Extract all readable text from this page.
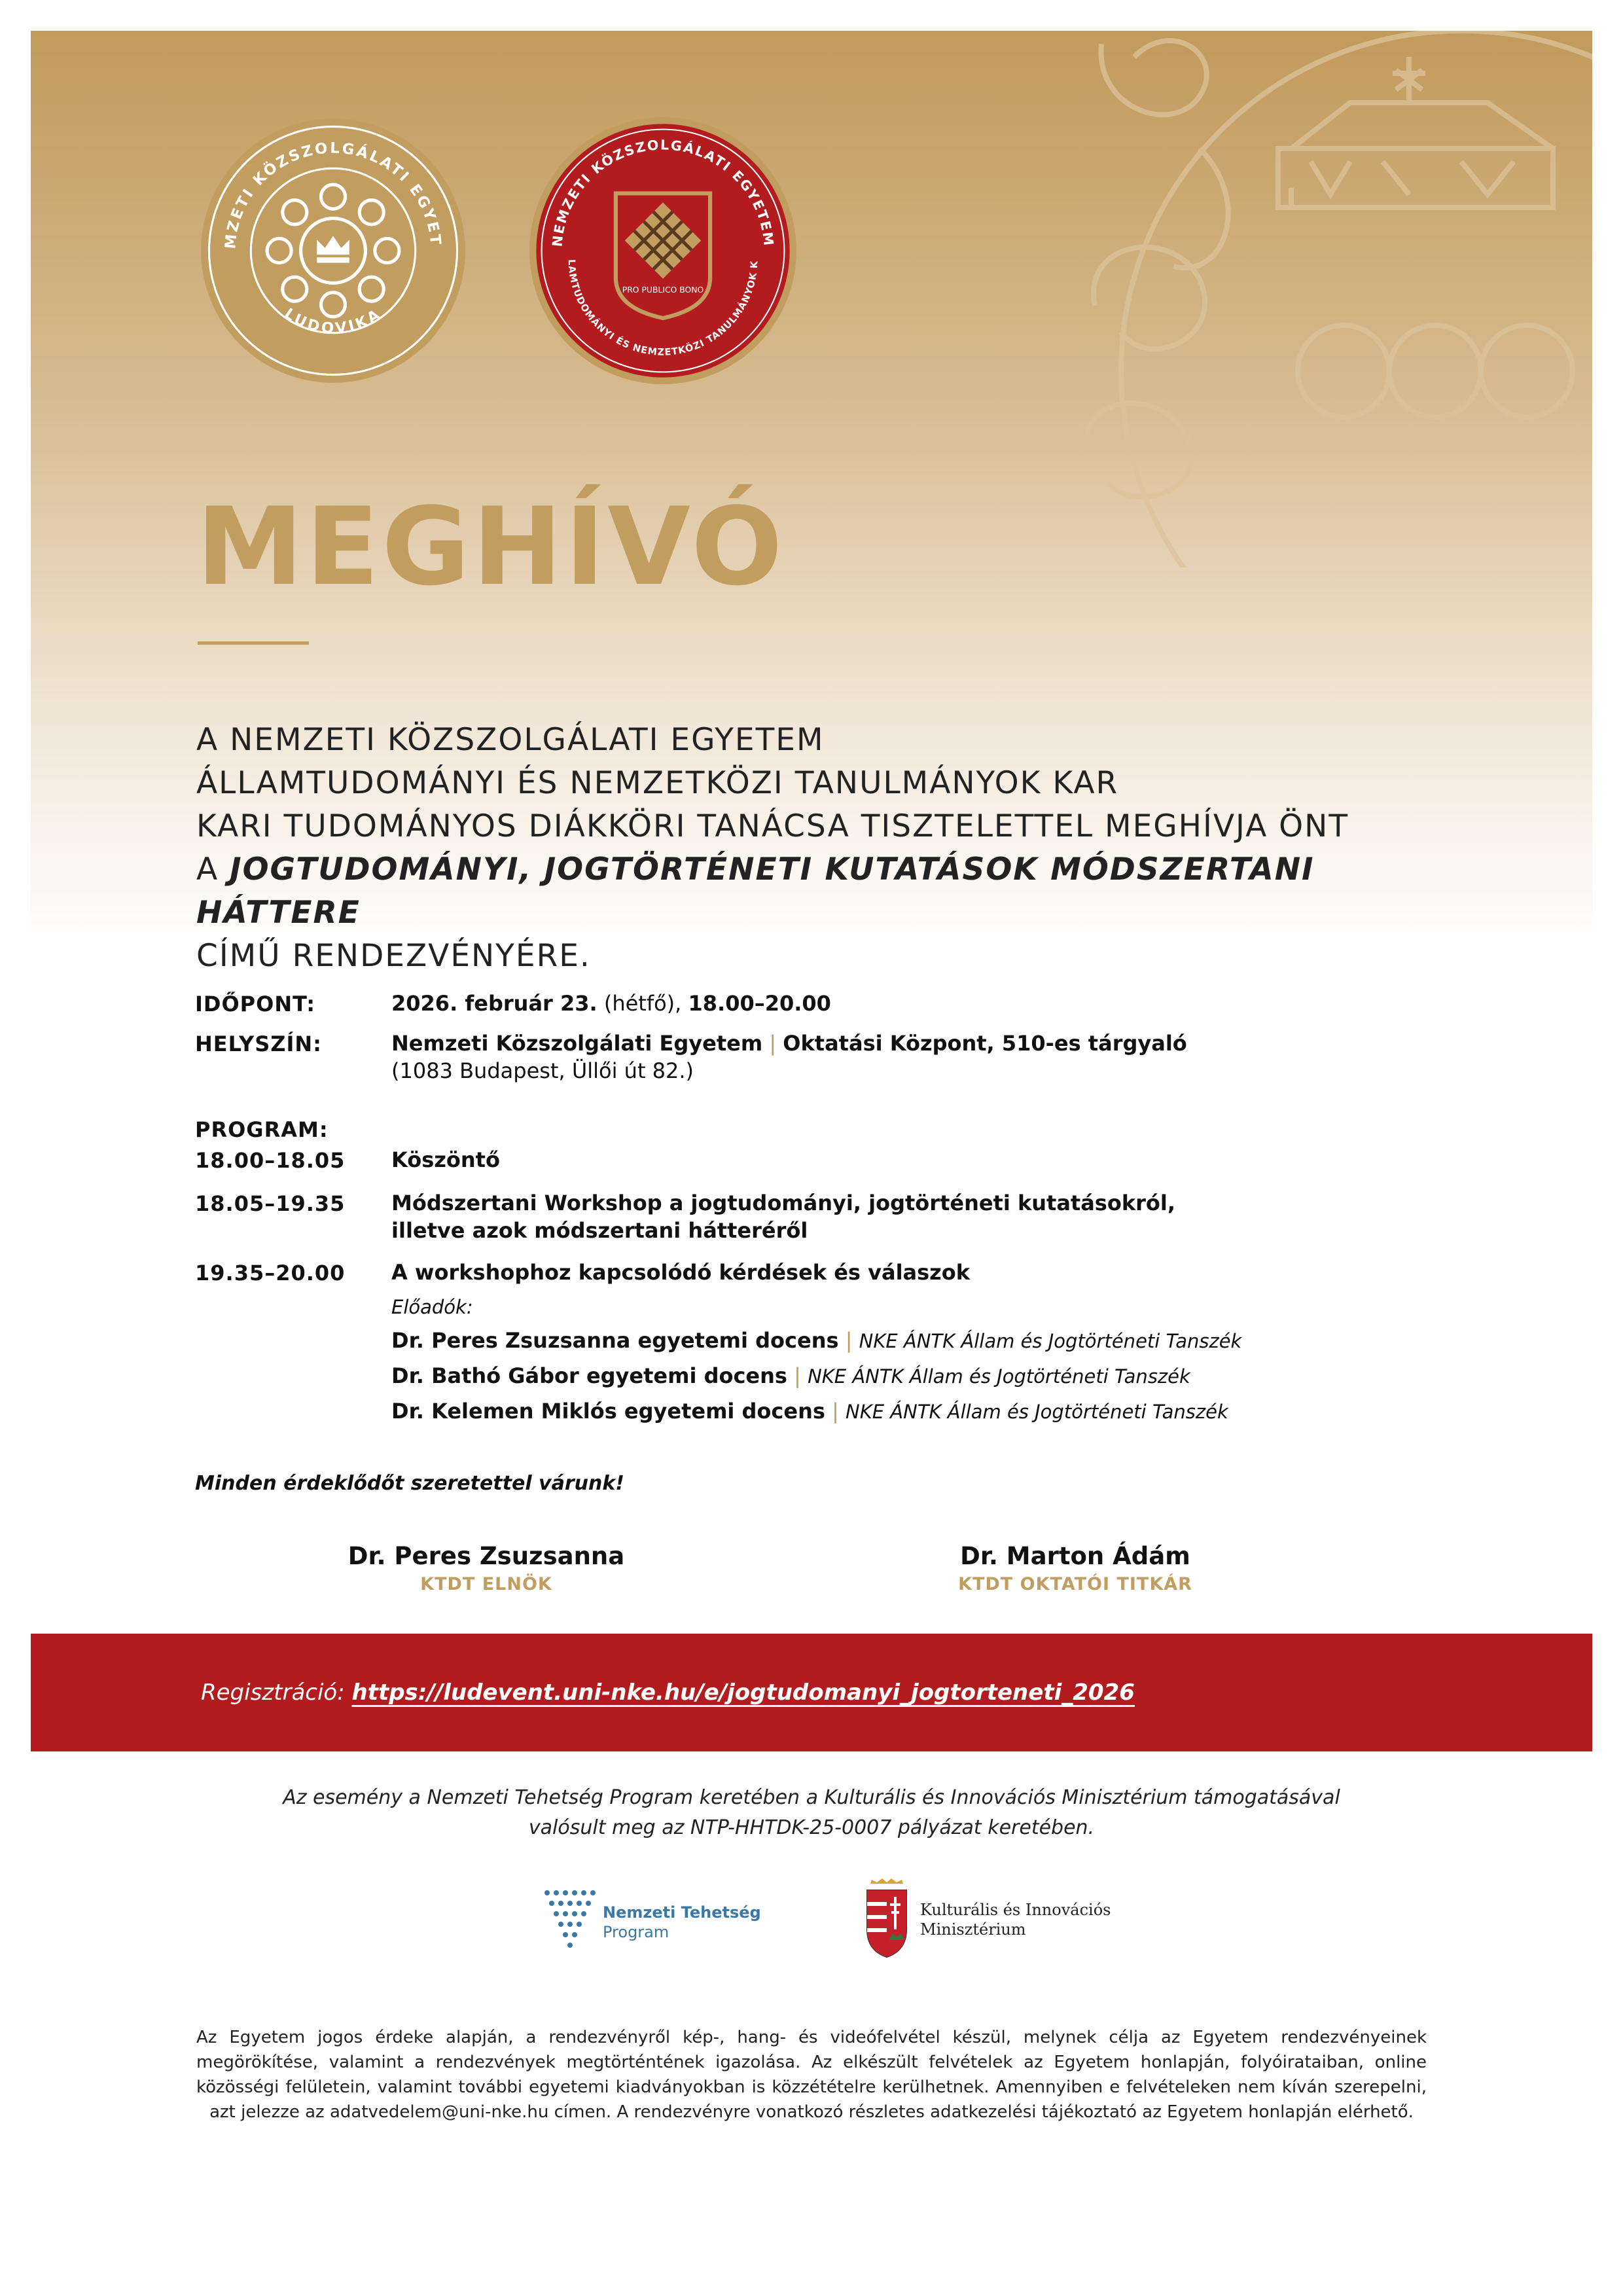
MZETI KÖZSZOLGÁLATI EGYET
LUDOVIKA
NEMZETI KÖZSZOLGÁLATI EGYETEM
LAMTUDOMÁNYI ÉS NEMZETKÖZI TANULMÁNYOK K
PRO PUBLICO BONO
MEGHÍVÓ
A NEMZETI KÖZSZOLGÁLATI EGYETEM
ÁLLAMTUDOMÁNYI ÉS NEMZETKÖZI TANULMÁNYOK KAR
KARI TUDOMÁNYOS DIÁKKÖRI TANÁCSA TISZTELETTEL MEGHÍVJA ÖNT
A JOGTUDOMÁNYI, JOGTÖRTÉNETI KUTATÁSOK MÓDSZERTANI HÁTTERE
CÍMŰ RENDEZVÉNYÉRE.
IDŐPONT:	2026. február 23. (hétfő), 18.00–20.00
HELYSZÍN:	Nemzeti Közszolgálati Egyetem | Oktatási Központ, 510-es tárgyaló
(1083 Budapest, Üllői út 82.)
PROGRAM:
18.00–18.05 Köszöntő
18.05–19.35 Módszertani Workshop a jogtudományi, jogtörténeti kutatásokról,
illetve azok módszertani hátteréről
19.35–20.00 A workshophoz kapcsolódó kérdések és válaszok
Előadók:
Dr. Peres Zsuzsanna egyetemi docens | NKE ÁNTK Állam és Jogtörténeti Tanszék
Dr. Bathó Gábor egyetemi docens | NKE ÁNTK Állam és Jogtörténeti Tanszék
Dr. Kelemen Miklós egyetemi docens | NKE ÁNTK Állam és Jogtörténeti Tanszék
Minden érdeklődőt szeretettel várunk!
Dr. Peres Zsuzsanna
KTDT ELNÖK
Dr. Marton Ádám
KTDT OKTATÓI TITKÁR
Regisztráció: https://ludevent.uni-nke.hu/e/jogtudomanyi_jogtorteneti_2026
Az esemény a Nemzeti Tehetség Program keretében a Kulturális és Innovációs Minisztérium támogatásával
valósult meg az NTP-HHTDK-25-0007 pályázat keretében.
Nemzeti Tehetség
Program
Kulturális és Innovációs
Minisztérium
Az Egyetem jogos érdeke alapján, a rendezvényről kép-, hang- és videófelvétel készül, melynek célja az Egyetem rendezvényeinek megörökítése, valamint a rendezvények megtörténtének igazolása. Az elkészült felvételek az Egyetem honlapján, folyóirataiban, online közösségi felületein, valamint további egyetemi kiadványokban is közzétételre kerülhetnek. Amennyiben e felvételeken nem kíván szerepelni, azt jelezze az adatvedelem@uni-nke.hu címen. A rendezvényre vonatkozó részletes adatkezelési tájékoztató az Egyetem honlapján elérhető.
